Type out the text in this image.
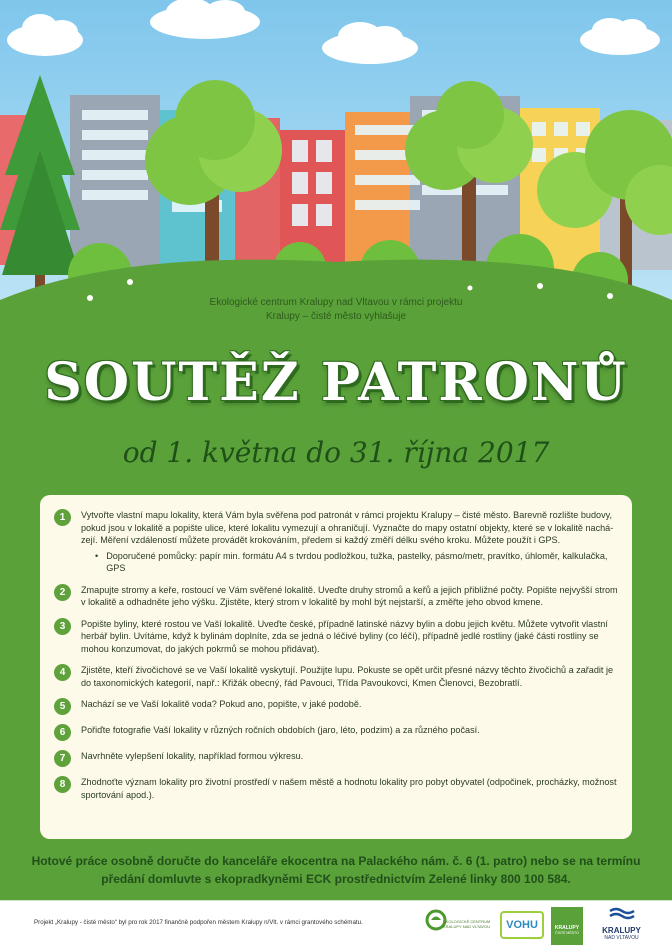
Ekologické centrum Kralupy nad Vltavou v rámci projektu
Kralupy – čisté město vyhlašuje
SOUTĚŽ PATRONŮ
od 1. května do 31. října 2017
1	Vytvořte vlastní mapu lokality, která Vám byla svěřena pod patronát v rámci projektu Kralupy – čisté město. Barevně rozlište budovy, pokud jsou v lokalitě a popište ulice, které lokalitu vymezují a ohraničují. Vyznačte do mapy ostatní objekty, které se v lokalitě nachá- zejí. Měření vzdáleností můžete provádět krokováním, předem si každý změří délku svého kroku. Můžete použít i GPS.
• Doporučené pomůcky: papír min. formátu A4 s tvrdou podložkou, tužka, pastelky, pásmo/metr, pravítko, úhloměr, kalkulačka, GPS
2	Zmapujte stromy a keře, rostoucí ve Vám svěřené lokalitě. Uveďte druhy stromů a keřů a jejich přibližné počty. Popište nejvyšší strom v lokalitě a odhadněte jeho výšku. Zjistěte, který strom v lokalitě by mohl být nejstarší, a změřte jeho obvod kmene.
3	Popište byliny, které rostou ve Vaší lokalitě. Uveďte české, případně latinské názvy bylin a dobu jejich květu. Můžete vytvořit vlastní herbář bylin. Uvítáme, když k bylinám doplníte, zda se jedná o léčivé byliny (co léčí), případně jedlé rostliny (jaké části rostliny se mohou konzumovat, do jakých pokrmů se mohou přidávat).
4	Zjistěte, kteří živočichové se ve Vaší lokalitě vyskytují. Použijte lupu. Pokuste se opět určit přesné názvy těchto živočichů a zařadit je do taxonomických kategorií, např.: Křižák obecný, řád Pavouci, Třída Pavoukovci, Kmen Členovci, Bezobratlí.
5	Nachází se ve Vaší lokalitě voda? Pokud ano, popište, v jaké podobě.
6	Pořiďte fotografie Vaší lokality v různých ročních obdobích (jaro, léto, podzim) a za různého počasí.
7	Navrhněte vylepšení lokality, například formou výkresu.
8	Zhodnoťte význam lokality pro životní prostředí v našem městě a hodnotu lokality pro pobyt obyvatel (odpočinek, procházky, možnost sportování apod.).
Hotové práce osobně doručte do kanceláře ekocentra na Palackého nám. č. 6 (1. patro) nebo se na termínu
předání domluvte s ekopradkyněmi ECK prostřednictvím Zelené linky 800 100 584.
Projekt „Kralupy - čisté město“ byl pro rok 2017 finančně podpořen městem Kralupy n/Vlt. v rámci grantového schématu.	EKOLOGICKÉ CENTRUM
KRALUPY NAD VLTAVOU	VOHU	KRALUPY
ČISTÉ MĚSTO	KRALUPY
NAD VLTAVOU
